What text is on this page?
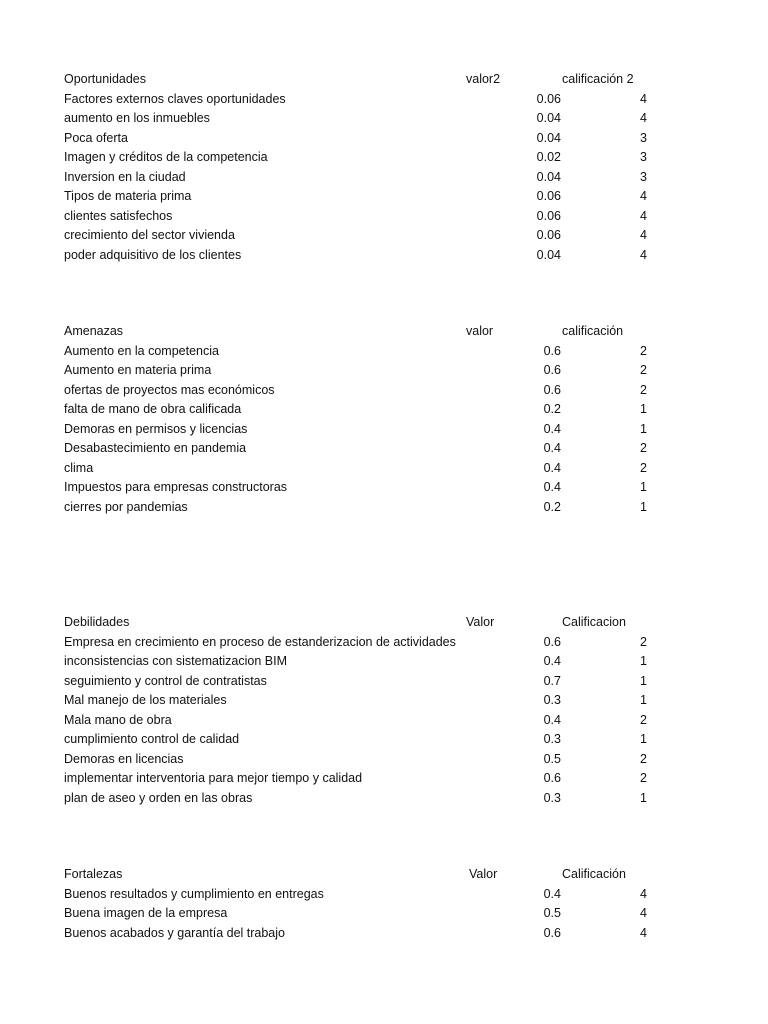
Oportunidades	valor2	calificación 2
Factores externos claves oportunidades	0.06	4
aumento en los inmuebles	0.04	4
Poca oferta	0.04	3
Imagen y créditos de la competencia	0.02	3
Inversion en la ciudad	0.04	3
Tipos de materia prima	0.06	4
clientes satisfechos	0.06	4
crecimiento del sector vivienda	0.06	4
poder adquisitivo de los clientes	0.04	4
Amenazas	valor	calificación
Aumento en la competencia	0.6	2
Aumento en materia prima	0.6	2
ofertas de proyectos mas económicos	0.6	2
falta de mano de obra calificada	0.2	1
Demoras en permisos y licencias	0.4	1
Desabastecimiento en pandemia	0.4	2
clima	0.4	2
Impuestos para empresas constructoras	0.4	1
cierres por pandemias	0.2	1
Debilidades	Valor	Calificacion
Empresa en crecimiento en proceso de estanderizacion de actividades	0.6	2
inconsistencias con sistematizacion BIM	0.4	1
seguimiento y control de contratistas	0.7	1
Mal manejo de los materiales	0.3	1
Mala mano de obra	0.4	2
cumplimiento control de calidad	0.3	1
Demoras en licencias	0.5	2
implementar interventoria para mejor tiempo y calidad	0.6	2
plan de aseo y orden en las obras	0.3	1
Fortalezas	Valor	Calificación
Buenos resultados y cumplimiento en entregas	0.4	4
Buena imagen de la empresa	0.5	4
Buenos acabados y garantía del trabajo	0.6	4
